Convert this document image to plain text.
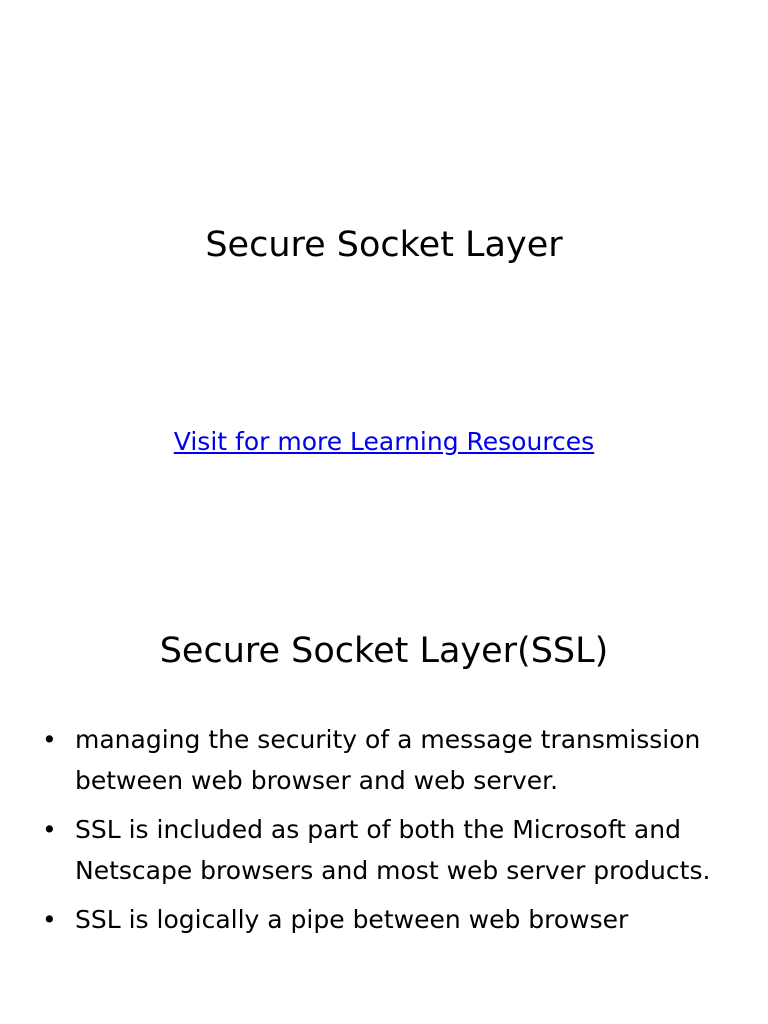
Secure Socket Layer
Visit for more Learning Resources
Secure Socket Layer(SSL)
• managing the security of a message transmission between web browser and web server.
• SSL is included as part of both the Microsoft and Netscape browsers and most web server products.
• SSL is logically a pipe between web browser
